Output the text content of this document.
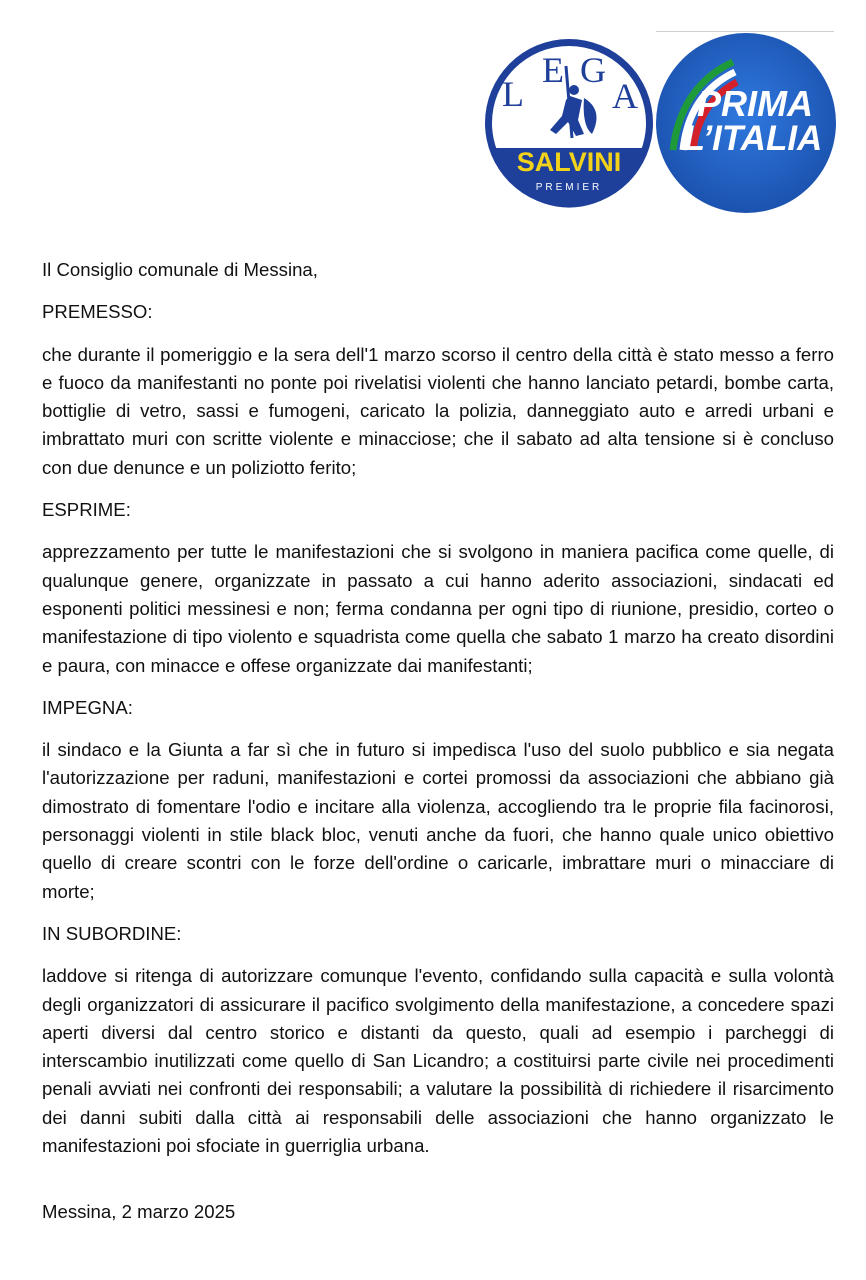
L E G A
SALVINI
PREMIER
PRIMA
L’ITALIA

Il Consiglio comunale di Messina,

PREMESSO:

che durante il pomeriggio e la sera dell'1 marzo scorso il centro della città è stato messo a ferro e fuoco da manifestanti no ponte poi rivelatisi violenti che hanno lanciato petardi, bombe carta, bottiglie di vetro, sassi e fumogeni, caricato la polizia, danneggiato auto e arredi urbani e imbrattato muri con scritte violente e minacciose; che il sabato ad alta tensione si è concluso con due denunce e un poliziotto ferito;

ESPRIME:

apprezzamento per tutte le manifestazioni che si svolgono in maniera pacifica come quelle, di qualunque genere, organizzate in passato a cui hanno aderito associazioni, sindacati ed esponenti politici messinesi e non; ferma condanna per ogni tipo di riunione, presidio, corteo o manifestazione di tipo violento e squadrista come quella che sabato 1 marzo ha creato disordini e paura, con minacce e offese organizzate dai manifestanti;

IMPEGNA:

il sindaco e la Giunta a far sì che in futuro si impedisca l'uso del suolo pubblico e sia negata l'autorizzazione per raduni, manifestazioni e cortei promossi da associazioni che abbiano già dimostrato di fomentare l'odio e incitare alla violenza, accogliendo tra le proprie fila facinorosi, personaggi violenti in stile black bloc, venuti anche da fuori, che hanno quale unico obiettivo quello di creare scontri con le forze dell'ordine o caricarle, imbrattare muri o minacciare di morte;

IN SUBORDINE:

laddove si ritenga di autorizzare comunque l'evento, confidando sulla capacità e sulla volontà degli organizzatori di assicurare il pacifico svolgimento della manifestazione, a concedere spazi aperti diversi dal centro storico e distanti da questo, quali ad esempio i parcheggi di interscambio inutilizzati come quello di San Licandro; a costituirsi parte civile nei procedimenti penali avviati nei confronti dei responsabili; a valutare la possibilità di richiedere il risarcimento dei danni subiti dalla città ai responsabili delle associazioni che hanno organizzato le manifestazioni poi sfociate in guerriglia urbana.

Messina, 2 marzo 2025
